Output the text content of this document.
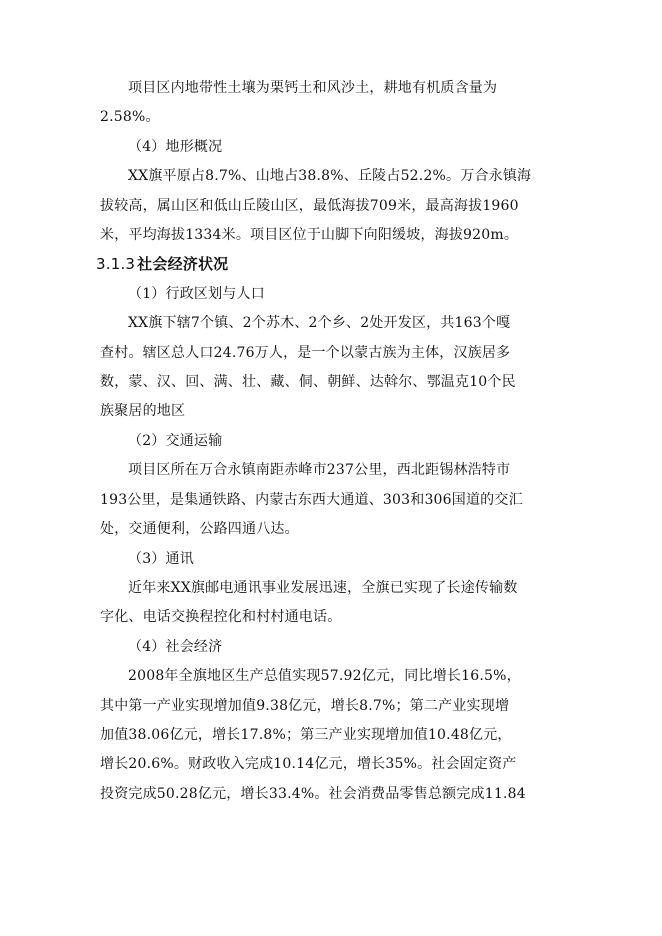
项目区内地带性土壤为栗钙土和风沙土，耕地有机质含量为

2.58%。

（4）地形概况

XX旗平原占8.7%、山地占38.8%、丘陵占52.2%。万合永镇海

拔较高，属山区和低山丘陵山区，最低海拔709米，最高海拔1960

米，平均海拔1334米。项目区位于山脚下向阳缓坡，海拔920m。

3.1.3 社会经济状况

（1）行政区划与人口

XX旗下辖7个镇、2个苏木、2个乡、2处开发区，共163个嘎

查村。辖区总人口24.76万人，是一个以蒙古族为主体，汉族居多

数，蒙、汉、回、满、壮、藏、侗、朝鲜、达斡尔、鄂温克10个民

族聚居的地区

（2）交通运输

项目区所在万合永镇南距赤峰市237公里，西北距锡林浩特市

193公里，是集通铁路、内蒙古东西大通道、303和306国道的交汇

处，交通便利，公路四通八达。

（3）通讯

近年来XX旗邮电通讯事业发展迅速，全旗已实现了长途传输数

字化、电话交换程控化和村村通电话。

（4）社会经济

2008年全旗地区生产总值实现57.92亿元，同比增长16.5%，

其中第一产业实现增加值9.38亿元，增长8.7%；第二产业实现增

加值38.06亿元，增长17.8%；第三产业实现增加值10.48亿元，

增长20.6%。财政收入完成10.14亿元，增长35%。社会固定资产

投资完成50.28亿元，增长33.4%。社会消费品零售总额完成11.84
